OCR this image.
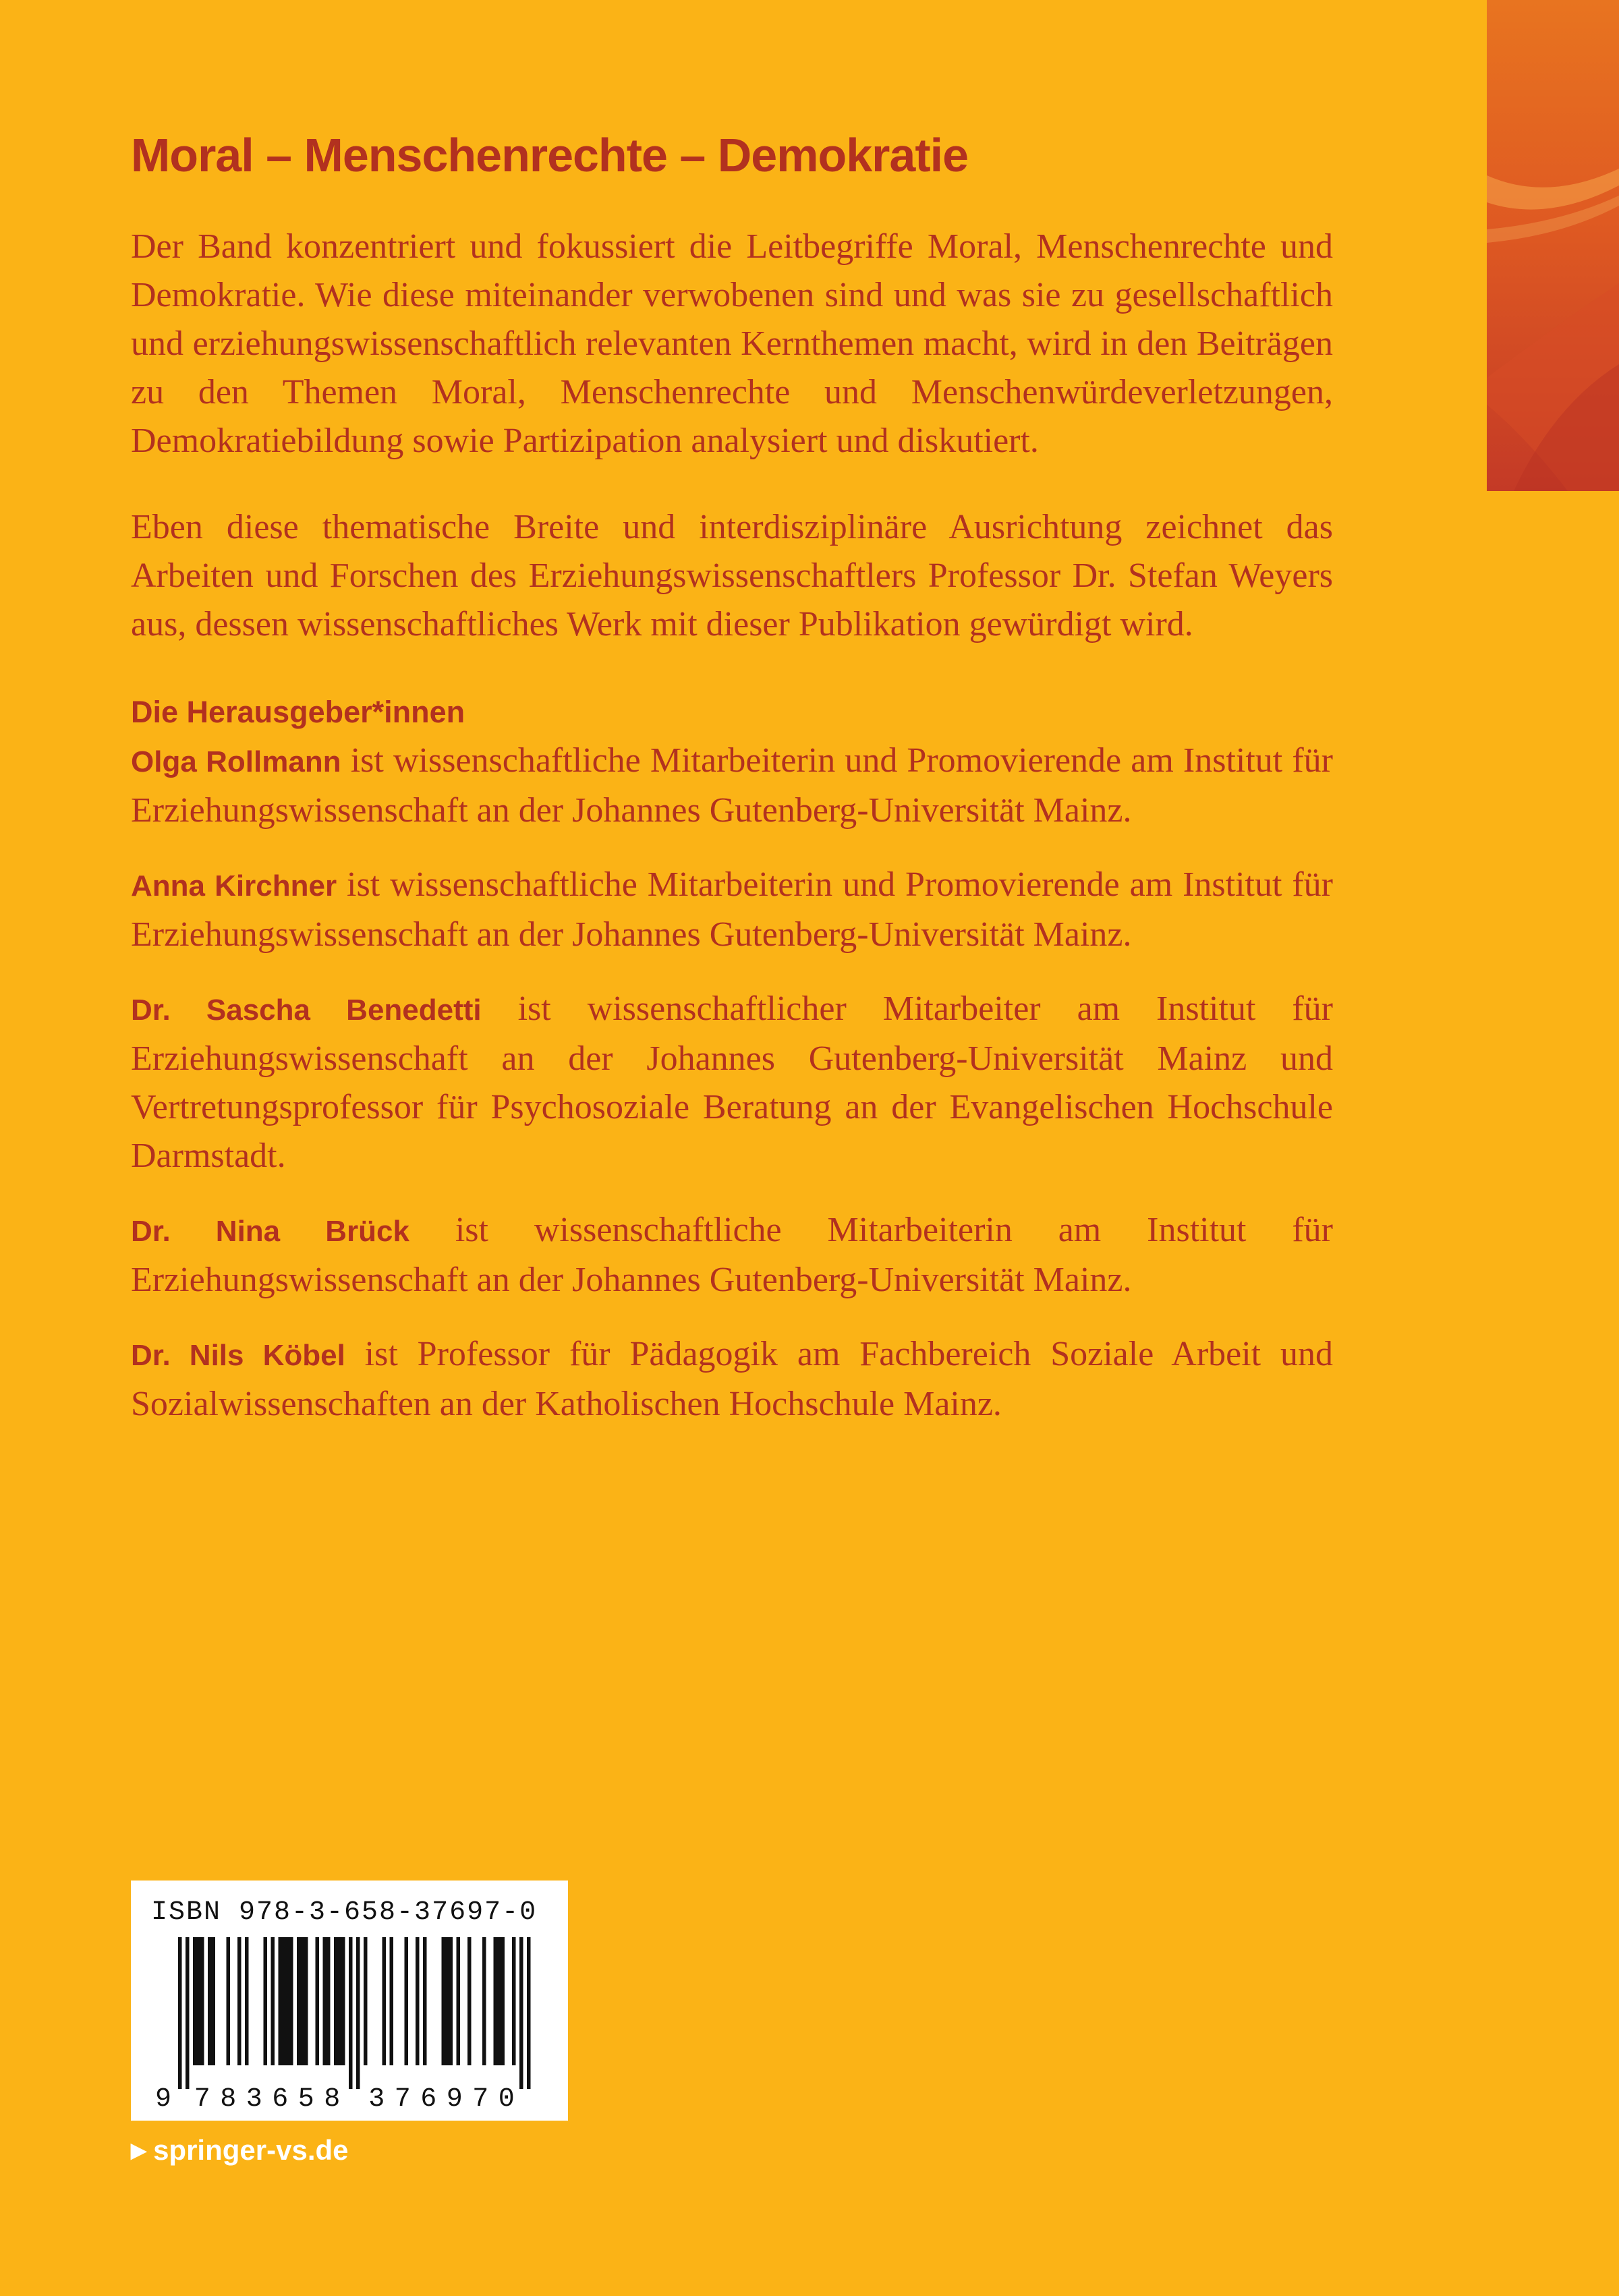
Moral – Menschenrechte – Demokratie

Der Band konzentriert und fokussiert die Leitbegriffe Moral, Menschenrechte und Demokratie. Wie diese miteinander verwobenen sind und was sie zu gesellschaftlich und erziehungswissenschaftlich relevanten Kernthemen macht, wird in den Beiträgen zu den Themen Moral, Menschenrechte und Menschenwürdeverletzungen, Demokratiebildung sowie Partizipation analysiert und diskutiert.

Eben diese thematische Breite und interdisziplinäre Ausrichtung zeichnet das Arbeiten und Forschen des Erziehungswissenschaftlers Professor Dr. Stefan Weyers aus, dessen wissenschaftliches Werk mit dieser Publikation gewürdigt wird.

Die Herausgeber*innen

Olga Rollmann ist wissenschaftliche Mitarbeiterin und Promovierende am Institut für Erziehungswissenschaft an der Johannes Gutenberg-Universität Mainz.

Anna Kirchner ist wissenschaftliche Mitarbeiterin und Promovierende am Institut für Erziehungswissenschaft an der Johannes Gutenberg-Universität Mainz.

Dr. Sascha Benedetti ist wissenschaftlicher Mitarbeiter am Institut für Erziehungswissenschaft an der Johannes Gutenberg-Universität Mainz und Vertretungsprofessor für Psychosoziale Beratung an der Evangelischen Hochschule Darmstadt.

Dr. Nina Brück ist wissenschaftliche Mitarbeiterin am Institut für Erziehungswissenschaft an der Johannes Gutenberg-Universität Mainz.

Dr. Nils Köbel ist Professor für Pädagogik am Fachbereich Soziale Arbeit und Sozialwissenschaften an der Katholischen Hochschule Mainz.

ISBN 978-3-658-37697-0
9 7 8 3 6 5 8 3 7 6 9 7 0
▶ springer-vs.de
